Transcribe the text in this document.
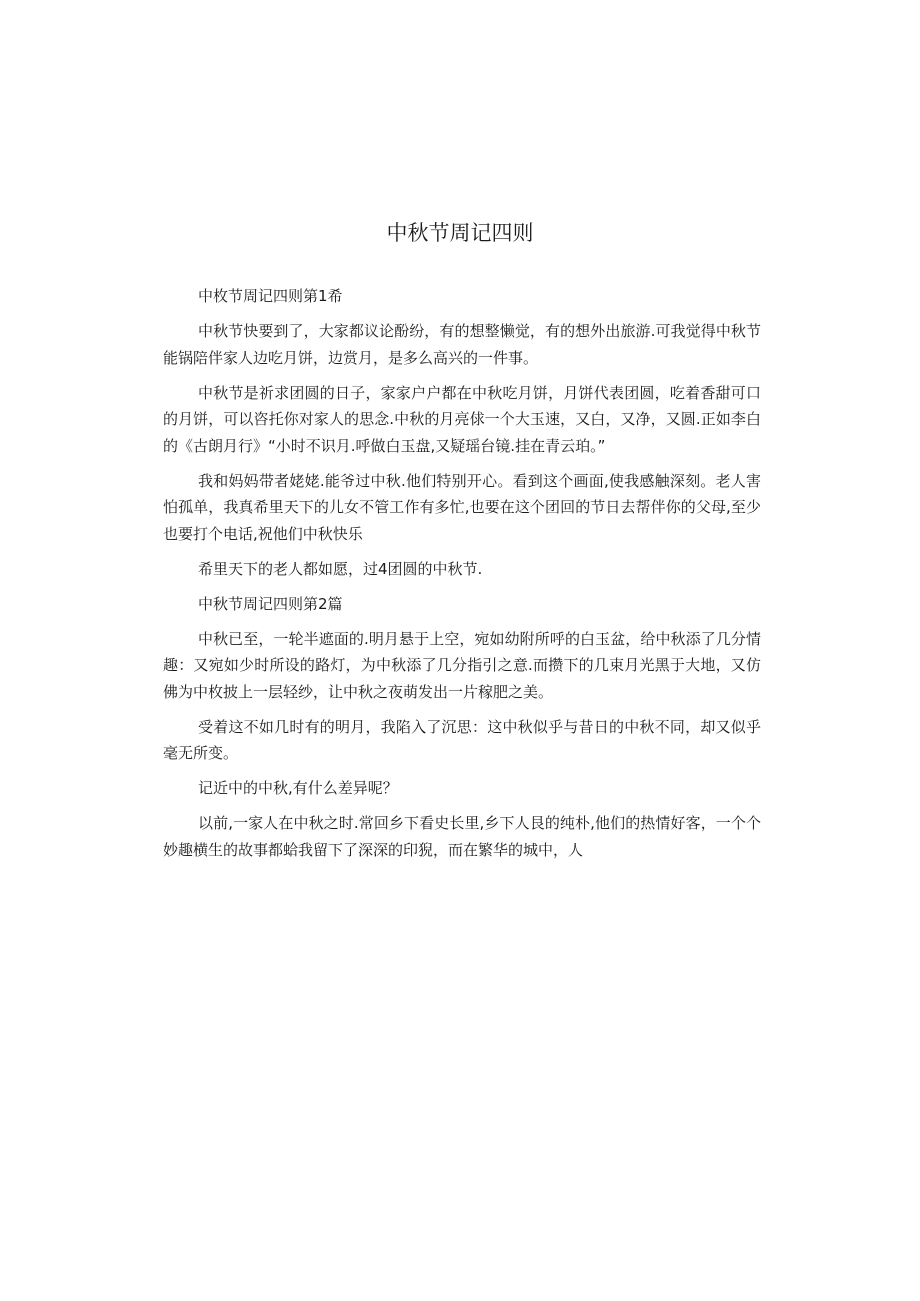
中秋节周记四则

中枚节周记四则第1希

中秋节快要到了，大家都议论酚纷，有的想整懒觉，有的想外出旅游.可我觉得中秋节能锅陪伴家人边吃月饼，边赏月，是多么高兴的一件事。

中秋节是祈求团圆的日子，家家户户都在中秋吃月饼，月饼代表团圆，吃着香甜可口的月饼，可以咨托你对家人的思念.中秋的月亮俅一个大玉速，又白，又净，又圆.正如李白的《古朗月行》“小时不识月.呼做白玉盘,又疑瑶台镜.挂在青云珀。”

我和妈妈带者姥姥.能爷过中秋.他们特别开心。看到这个画面,使我感触深刻。老人害怕孤单，我真希里天下的儿女不管工作有多忙,也要在这个团回的节日去帮伴你的父母,至少也要打个电话,祝他们中秋快乐

希里天下的老人都如愿，过4团圆的中秋节.

中秋节周记四则第2篇

中秋已至，一轮半遮面的.明月悬于上空，宛如幼附所呼的白玉盆，给中秋添了几分情趣：又宛如少时所设的路灯，为中秋添了几分指引之意.而攒下的几束月光黑于大地，又仿佛为中枚披上一层轻纱，让中秋之夜萌发出一片稼肥之美。

受着这不如几时有的明月，我陷入了沉思：这中秋似乎与昔日的中秋不同，却又似乎毫无所变。

记近中的中秋,有什么差异呢？

以前,一家人在中秋之时.常回乡下看史长里,乡下人艮的纯朴,他们的热情好客，一个个妙趣横生的故事都蛤我留下了深深的印猊，而在繁华的城中，人
